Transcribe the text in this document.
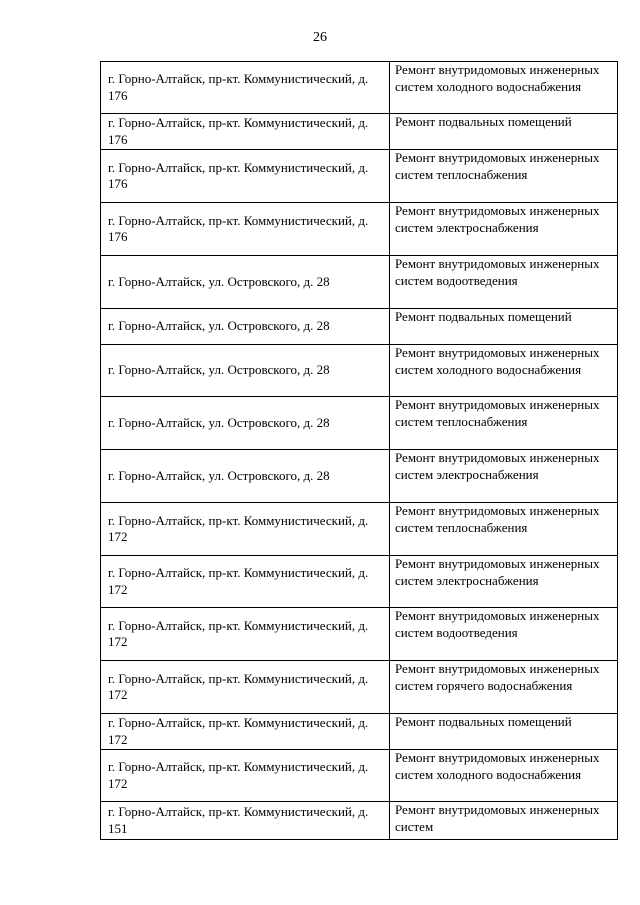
26
г. Горно-Алтайск, пр-кт. Коммунистический, д. 176	Ремонт внутридомовых инженерных систем холодного водоснабжения
г. Горно-Алтайск, пр-кт. Коммунистический, д. 176	Ремонт подвальных помещений
г. Горно-Алтайск, пр-кт. Коммунистический, д. 176	Ремонт внутридомовых инженерных систем теплоснабжения
г. Горно-Алтайск, пр-кт. Коммунистический, д. 176	Ремонт внутридомовых инженерных систем электроснабжения
г. Горно-Алтайск, ул. Островского, д. 28	Ремонт внутридомовых инженерных систем водоотведения
г. Горно-Алтайск, ул. Островского, д. 28	Ремонт подвальных помещений
г. Горно-Алтайск, ул. Островского, д. 28	Ремонт внутридомовых инженерных систем холодного водоснабжения
г. Горно-Алтайск, ул. Островского, д. 28	Ремонт внутридомовых инженерных систем теплоснабжения
г. Горно-Алтайск, ул. Островского, д. 28	Ремонт внутридомовых инженерных систем электроснабжения
г. Горно-Алтайск, пр-кт. Коммунистический, д. 172	Ремонт внутридомовых инженерных систем теплоснабжения
г. Горно-Алтайск, пр-кт. Коммунистический, д. 172	Ремонт внутридомовых инженерных систем электроснабжения
г. Горно-Алтайск, пр-кт. Коммунистический, д. 172	Ремонт внутридомовых инженерных систем водоотведения
г. Горно-Алтайск, пр-кт. Коммунистический, д. 172	Ремонт внутридомовых инженерных систем горячего водоснабжения
г. Горно-Алтайск, пр-кт. Коммунистический, д. 172	Ремонт подвальных помещений
г. Горно-Алтайск, пр-кт. Коммунистический, д. 172	Ремонт внутридомовых инженерных систем холодного водоснабжения
г. Горно-Алтайск, пр-кт. Коммунистический, д. 151	Ремонт внутридомовых инженерных систем
